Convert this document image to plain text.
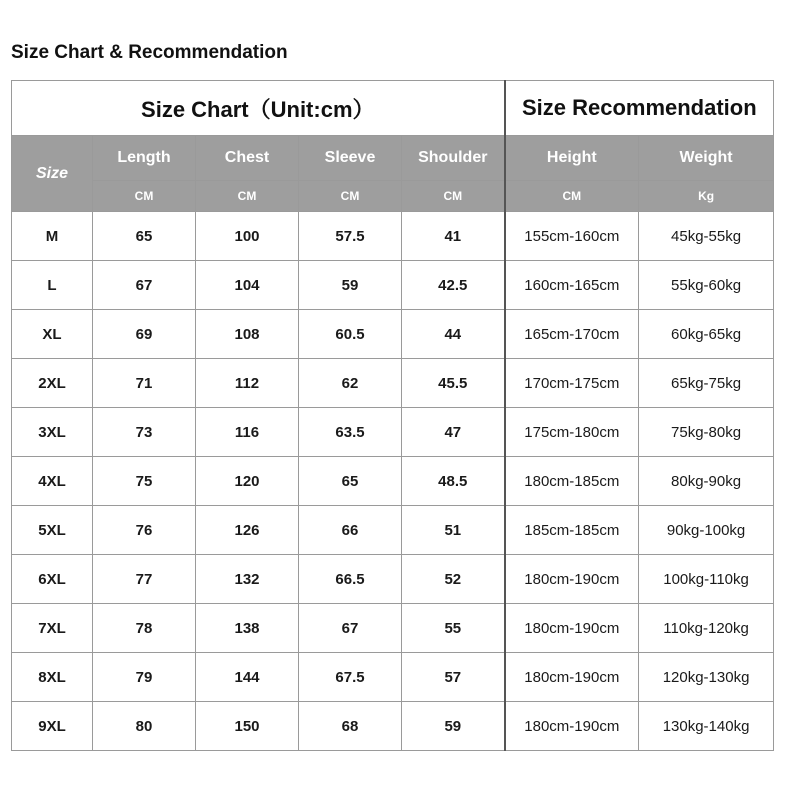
Size Chart & Recommendation
Size Chart（Unit:cm）					Size Recommendation	
Size	Length	Chest	Sleeve	Shoulder	Height	Weight
	CM	CM	CM	CM	CM	Kg
M	65	100	57.5	41	155cm-160cm	45kg-55kg
L	67	104	59	42.5	160cm-165cm	55kg-60kg
XL	69	108	60.5	44	165cm-170cm	60kg-65kg
2XL	71	112	62	45.5	170cm-175cm	65kg-75kg
3XL	73	116	63.5	47	175cm-180cm	75kg-80kg
4XL	75	120	65	48.5	180cm-185cm	80kg-90kg
5XL	76	126	66	51	185cm-185cm	90kg-100kg
6XL	77	132	66.5	52	180cm-190cm	100kg-110kg
7XL	78	138	67	55	180cm-190cm	110kg-120kg
8XL	79	144	67.5	57	180cm-190cm	120kg-130kg
9XL	80	150	68	59	180cm-190cm	130kg-140kg
